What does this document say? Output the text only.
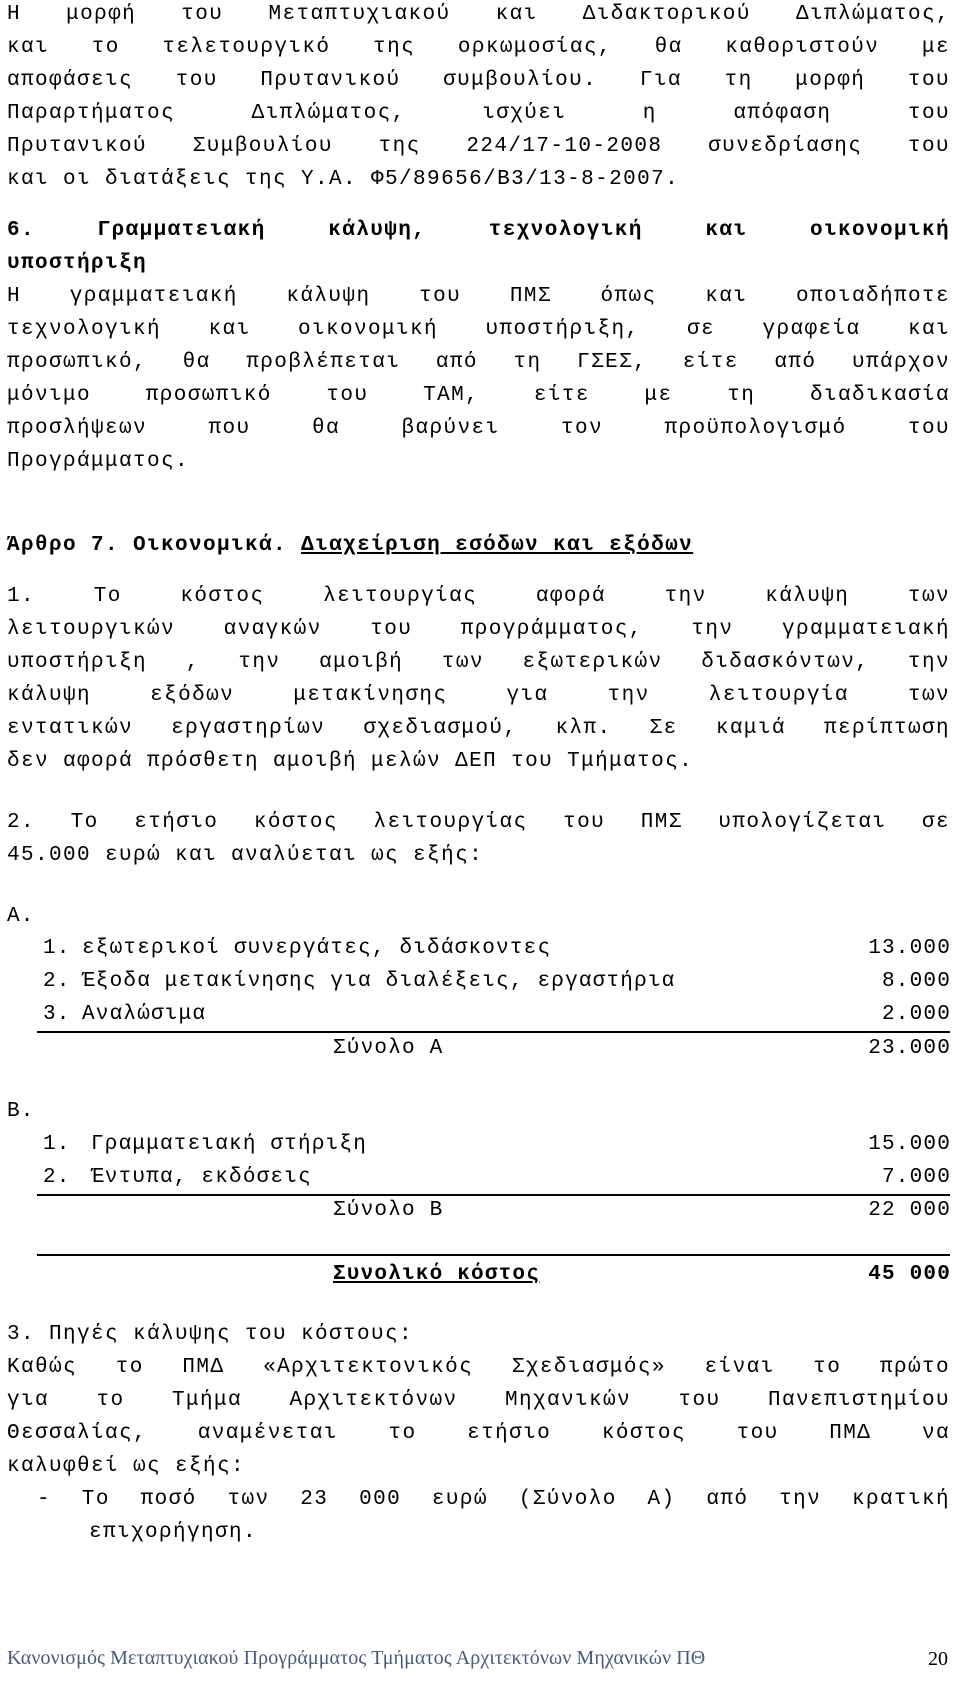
Η μορφή του Μεταπτυχιακού και Διδακτορικού Διπλώματος,
και το τελετουργικό της ορκωμοσίας, θα καθοριστούν με
αποφάσεις του Πρυτανικού συμβουλίου. Για τη μορφή του
Παραρτήματος Διπλώματος, ισχύει η απόφαση του
Πρυτανικού Συμβουλίου της 224/17-10-2008 συνεδρίασης του
και οι διατάξεις της Υ.Α. Φ5/89656/Β3/13-8-2007.
6. Γραμματειακή κάλυψη, τεχνολογική και οικονομική
υποστήριξη
Η γραμματειακή κάλυψη του ΠΜΣ όπως και οποιαδήποτε
τεχνολογική και οικονομική υποστήριξη, σε γραφεία και
προσωπικό, θα προβλέπεται από τη ΓΣΕΣ, είτε από υπάρχον
μόνιμο προσωπικό του ΤΑΜ, είτε με τη διαδικασία
προσλήψεων που θα βαρύνει τον προϋπολογισμό του
Προγράμματος.
Άρθρο 7. Οικονομικά. Διαχείριση εσόδων και εξόδων
1. Το κόστος λειτουργίας αφορά την κάλυψη των
λειτουργικών αναγκών του προγράμματος, την γραμματειακή
υποστήριξη , την αμοιβή των εξωτερικών διδασκόντων, την
κάλυψη εξόδων μετακίνησης για την λειτουργία των
εντατικών εργαστηρίων σχεδιασμού, κλπ. Σε καμιά περίπτωση
δεν αφορά πρόσθετη αμοιβή μελών ΔΕΠ του Τμήματος.
2. Το ετήσιο κόστος λειτουργίας του ΠΜΣ υπολογίζεται σε
45.000 ευρώ και αναλύεται ως εξής:
Α.
1. εξωτερικοί συνεργάτες, διδάσκοντες	13.000
2. Έξοδα μετακίνησης για διαλέξεις, εργαστήρια	8.000
3. Αναλώσιμα	2.000
Σύνολο Α	23.000
Β.
1. Γραμματειακή στήριξη	15.000
2. Έντυπα, εκδόσεις	7.000
Σύνολο Β	22 000
Συνολικό κόστος	45 000
3. Πηγές κάλυψης του κόστους:
Καθώς το ΠΜΔ «Αρχιτεκτονικός Σχεδιασμός» είναι το πρώτο
για το Τμήμα Αρχιτεκτόνων Μηχανικών του Πανεπιστημίου
Θεσσαλίας, αναμένεται το ετήσιο κόστος του ΠΜΔ να
καλυφθεί ως εξής:
- Το ποσό των 23 000 ευρώ (Σύνολο Α) από την κρατική
επιχορήγηση.
Κανονισμός Μεταπτυχιακού Προγράμματος Τμήματος Αρχιτεκτόνων Μηχανικών ΠΘ	20
